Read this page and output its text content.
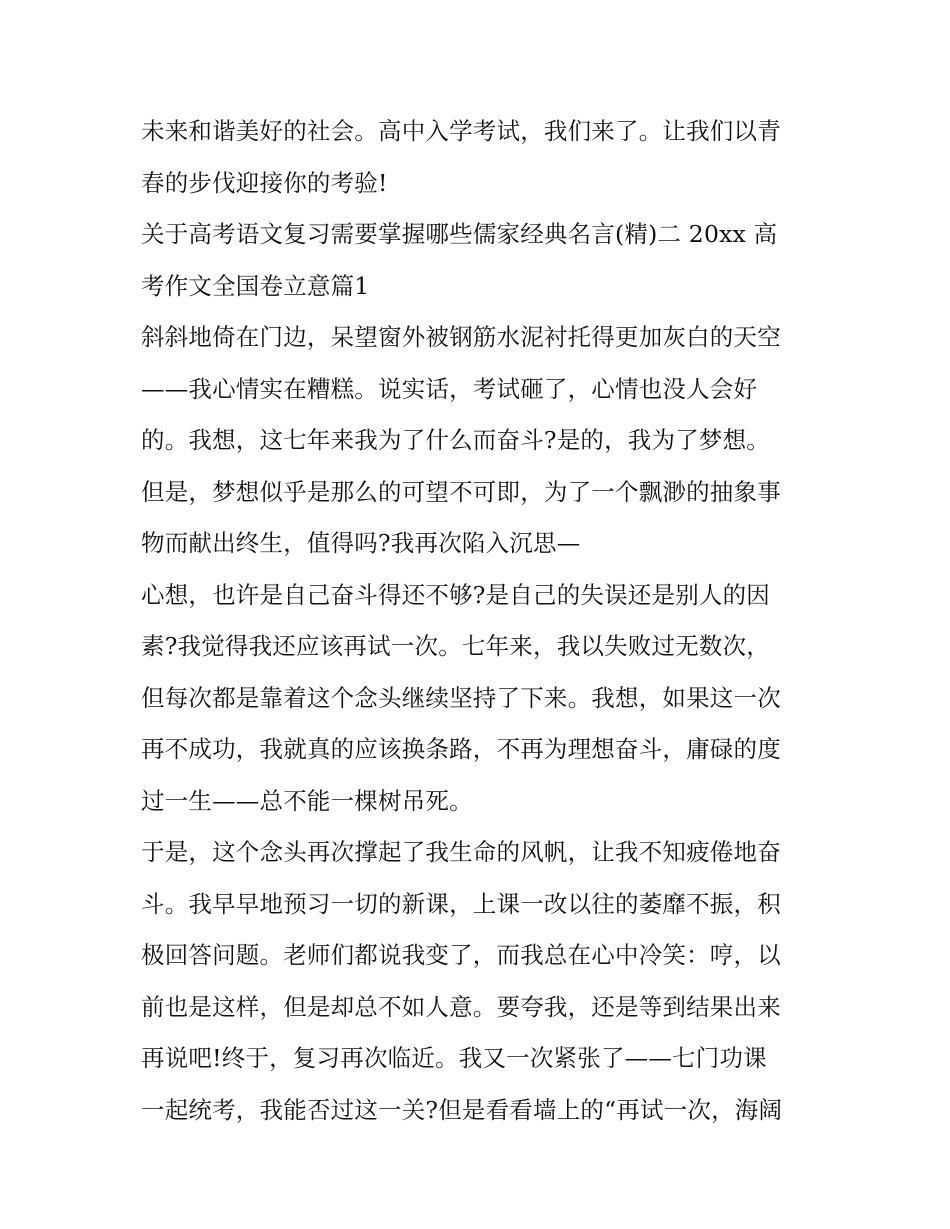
未来和谐美好的社会。高中入学考试，我们来了。让我们以青
春的步伐迎接你的考验!
关于高考语文复习需要掌握哪些儒家经典名言(精)二 20xx 高
考作文全国卷立意篇1
斜斜地倚在门边，呆望窗外被钢筋水泥衬托得更加灰白的天空
——我心情实在糟糕。说实话，考试砸了，心情也没人会好
的。我想，这七年来我为了什么而奋斗?是的，我为了梦想。
但是，梦想似乎是那么的可望不可即，为了一个飘渺的抽象事
物而献出终生，值得吗?我再次陷入沉思—
心想，也许是自己奋斗得还不够?是自己的失误还是别人的因
素?我觉得我还应该再试一次。七年来，我以失败过无数次，
但每次都是靠着这个念头继续坚持了下来。我想，如果这一次
再不成功，我就真的应该换条路，不再为理想奋斗，庸碌的度
过一生——总不能一棵树吊死。
于是，这个念头再次撑起了我生命的风帆，让我不知疲倦地奋
斗。我早早地预习一切的新课，上课一改以往的萎靡不振，积
极回答问题。老师们都说我变了，而我总在心中冷笑：哼，以
前也是这样，但是却总不如人意。要夸我，还是等到结果出来
再说吧!终于，复习再次临近。我又一次紧张了——七门功课
一起统考，我能否过这一关?但是看看墙上的“再试一次，海阔
